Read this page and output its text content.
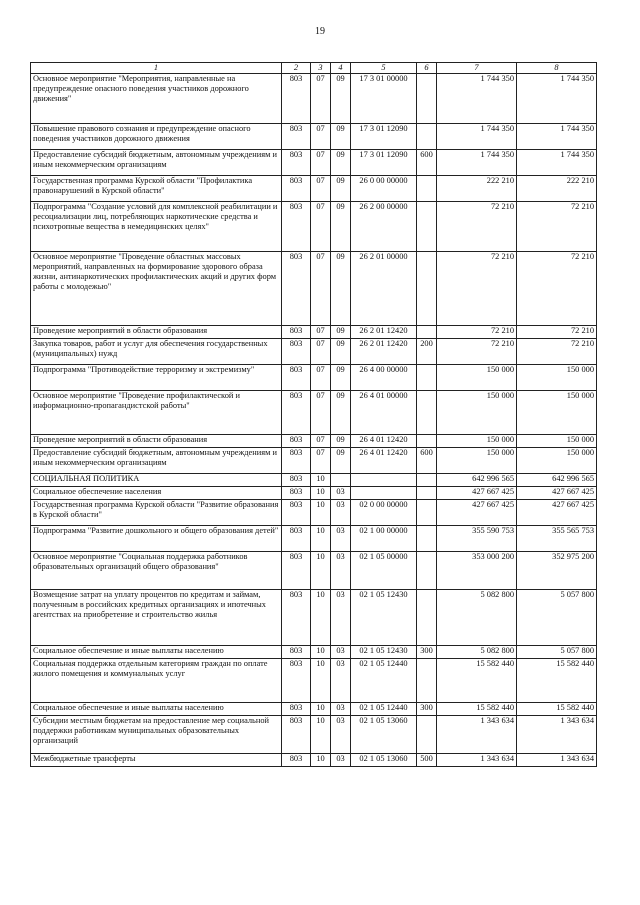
19
1	2	3	4	5	6	7	8
Основное мероприятие "Мероприятия, направленные на предупреждение опасного поведения участников дорожного движения"	803	07	09	17 3 01 00000		1 744 350	1 744 350
Повышение правового сознания и предупреждение опасного поведения участников дорожного движения	803	07	09	17 3 01 12090		1 744 350	1 744 350
Предоставление субсидий бюджетным, автономным учреждениям и иным некоммерческим организациям	803	07	09	17 3 01 12090	600	1 744 350	1 744 350
Государственная программа Курской области "Профилактика правонарушений в Курской области"	803	07	09	26 0 00 00000		222 210	222 210
Подпрограмма "Создание условий для комплексной реабилитации и ресоциализации лиц, потребляющих наркотические средства и психотропные вещества в немедицинских целях"	803	07	09	26 2 00 00000		72 210	72 210
Основное мероприятие "Проведение областных массовых мероприятий, направленных на формирование здорового образа жизни, антинаркотических профилактических акций и других форм работы с молодежью"	803	07	09	26 2 01 00000		72 210	72 210
Проведение мероприятий в области образования	803	07	09	26 2 01 12420		72 210	72 210
Закупка товаров, работ и услуг для обеспечения государственных (муниципальных) нужд	803	07	09	26 2 01 12420	200	72 210	72 210
Подпрограмма "Противодействие терроризму и экстремизму"	803	07	09	26 4 00 00000		150 000	150 000
Основное мероприятие "Проведение профилактической и информационно-пропагандистской работы"	803	07	09	26 4 01 00000		150 000	150 000
Проведение мероприятий в области образования	803	07	09	26 4 01 12420		150 000	150 000
Предоставление субсидий бюджетным, автономным учреждениям и иным некоммерческим организациям	803	07	09	26 4 01 12420	600	150 000	150 000
СОЦИАЛЬНАЯ ПОЛИТИКА	803	10				642 996 565	642 996 565
Социальное обеспечение населения	803	10	03			427 667 425	427 667 425
Государственная программа Курской области "Развитие образования в Курской области"	803	10	03	02 0 00 00000		427 667 425	427 667 425
Подпрограмма "Развитие дошкольного и общего образования детей"	803	10	03	02 1 00 00000		355 590 753	355 565 753
Основное мероприятие "Социальная поддержка работников образовательных организаций общего образования"	803	10	03	02 1 05 00000		353 000 200	352 975 200
Возмещение затрат на уплату процентов по кредитам и займам, полученным в российских кредитных организациях и ипотечных агентствах на приобретение и строительство жилья	803	10	03	02 1 05 12430		5 082 800	5 057 800
Социальное обеспечение и иные выплаты населению	803	10	03	02 1 05 12430	300	5 082 800	5 057 800
Социальная поддержка отдельным категориям граждан по оплате жилого помещения и коммунальных услуг	803	10	03	02 1 05 12440		15 582 440	15 582 440
Социальное обеспечение и иные выплаты населению	803	10	03	02 1 05 12440	300	15 582 440	15 582 440
Субсидии местным бюджетам на предоставление мер социальной поддержки работникам муниципальных образовательных организаций	803	10	03	02 1 05 13060		1 343 634	1 343 634
Межбюджетные трансферты	803	10	03	02 1 05 13060	500	1 343 634	1 343 634
